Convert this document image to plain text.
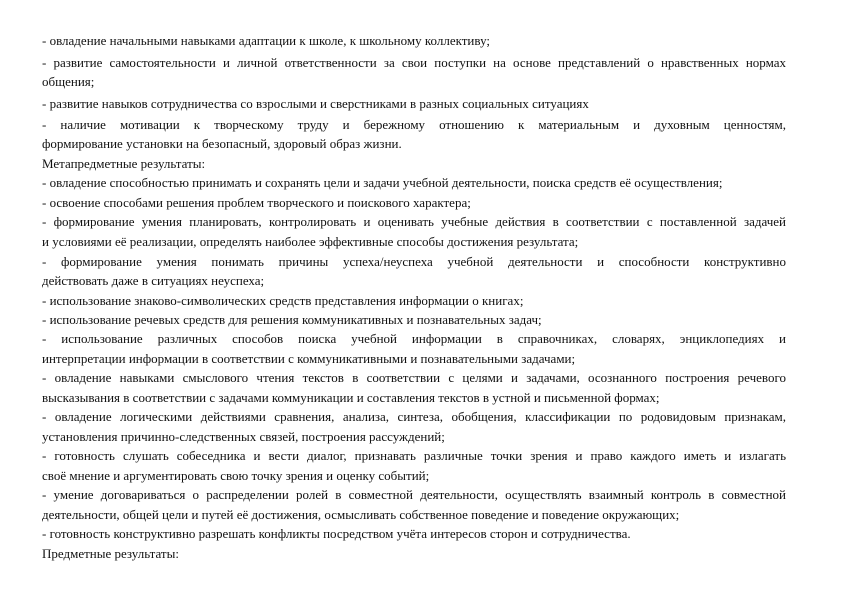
- овладение начальными навыками адаптации к школе, к школьному коллективу;
- развитие самостоятельности и личной ответственности за свои поступки на основе представлений о нравственных нормах
общения;
- развитие навыков сотрудничества со взрослыми и сверстниками в разных социальных ситуациях
- наличие мотивации к творческому труду и бережному отношению к материальным и духовным ценностям,
формирование установки на безопасный, здоровый образ жизни.
Метапредметные результаты:
- овладение способностью принимать и сохранять цели и задачи учебной деятельности, поиска средств её осуществления;
- освоение способами решения проблем творческого и поискового характера;
- формирование умения планировать, контролировать и оценивать учебные действия в соответствии с поставленной задачей
и условиями её реализации, определять наиболее эффективные способы достижения результата;
- формирование умения понимать причины успеха/неуспеха учебной деятельности и способности конструктивно
действовать даже в ситуациях неуспеха;
- использование знаково-символических средств представления информации о книгах;
- использование речевых средств для решения коммуникативных и познавательных задач;
- использование различных способов поиска учебной информации в справочниках, словарях, энциклопедиях и
интерпретации информации в соответствии с коммуникативными и познавательными задачами;
- овладение навыками смыслового чтения текстов в соответствии с целями и задачами, осознанного построения речевого
высказывания в соответствии с задачами коммуникации и составления текстов в устной и письменной формах;
- овладение логическими действиями сравнения, анализа, синтеза, обобщения, классификации по родовидовым признакам,
установления причинно-следственных связей, построения рассуждений;
- готовность слушать собеседника и вести диалог, признавать различные точки зрения и право каждого иметь и излагать
своё мнение и аргументировать свою точку зрения и оценку событий;
- умение договариваться о распределении ролей в совместной деятельности, осуществлять взаимный контроль в совместной
деятельности, общей цели и путей её достижения, осмысливать собственное поведение и поведение окружающих;
- готовность конструктивно разрешать конфликты посредством учёта интересов сторон и сотрудничества.
Предметные результаты:
